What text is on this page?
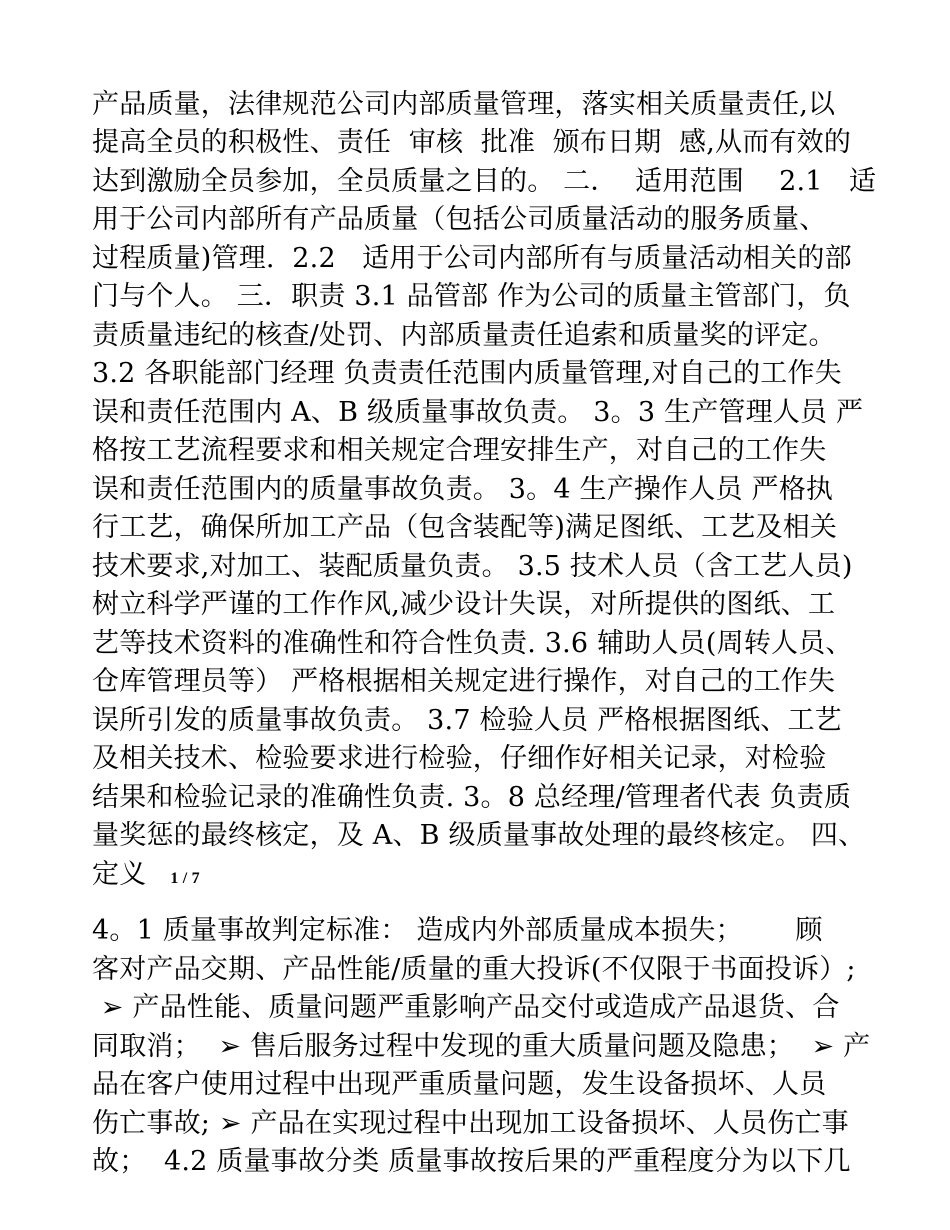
产品质量，法律规范公司内部质量管理，落实相关质量责任,以
提高全员的积极性、责任  审核  批准  颁布日期  感,从而有效的
达到激励全员参加，全员质量之目的。 二．  适用范围    2.1   适
用于公司内部所有产品质量（包括公司质量活动的服务质量、
过程质量)管理.  2.2   适用于公司内部所有与质量活动相关的部
门与个人。 三．职责 3.1 品管部 作为公司的质量主管部门，负
责质量违纪的核查/处罚、内部质量责任追索和质量奖的评定。
3.2 各职能部门经理 负责责任范围内质量管理,对自己的工作失
误和责任范围内 A、B 级质量事故负责。 3。3 生产管理人员 严
格按工艺流程要求和相关规定合理安排生产，对自己的工作失
误和责任范围内的质量事故负责。 3。4 生产操作人员 严格执
行工艺，确保所加工产品（包含装配等)满足图纸、工艺及相关
技术要求,对加工、装配质量负责。 3.5 技术人员（含工艺人员)
树立科学严谨的工作作风,减少设计失误，对所提供的图纸、工
艺等技术资料的准确性和符合性负责. 3.6 辅助人员(周转人员、
仓库管理员等） 严格根据相关规定进行操作，对自己的工作失
误所引发的质量事故负责。 3.7 检验人员 严格根据图纸、工艺
及相关技术、检验要求进行检验，仔细作好相关记录，对检验
结果和检验记录的准确性负责. 3。8 总经理/管理者代表 负责质
量奖惩的最终核定，及 A、B 级质量事故处理的最终核定。 四、
定义 1 / 7
4。1 质量事故判定标准： 造成内外部质量成本损失；      顾
客对产品交期、产品性能/质量的重大投诉(不仅限于书面投诉）;
➢ 产品性能、质量问题严重影响产品交付或造成产品退货、合
同取消；  ➢ 售后服务过程中发现的重大质量问题及隐患；  ➢ 产
品在客户使用过程中出现严重质量问题，发生设备损坏、人员
伤亡事故; ➢ 产品在实现过程中出现加工设备损坏、人员伤亡事
故；  4.2 质量事故分类 质量事故按后果的严重程度分为以下几
